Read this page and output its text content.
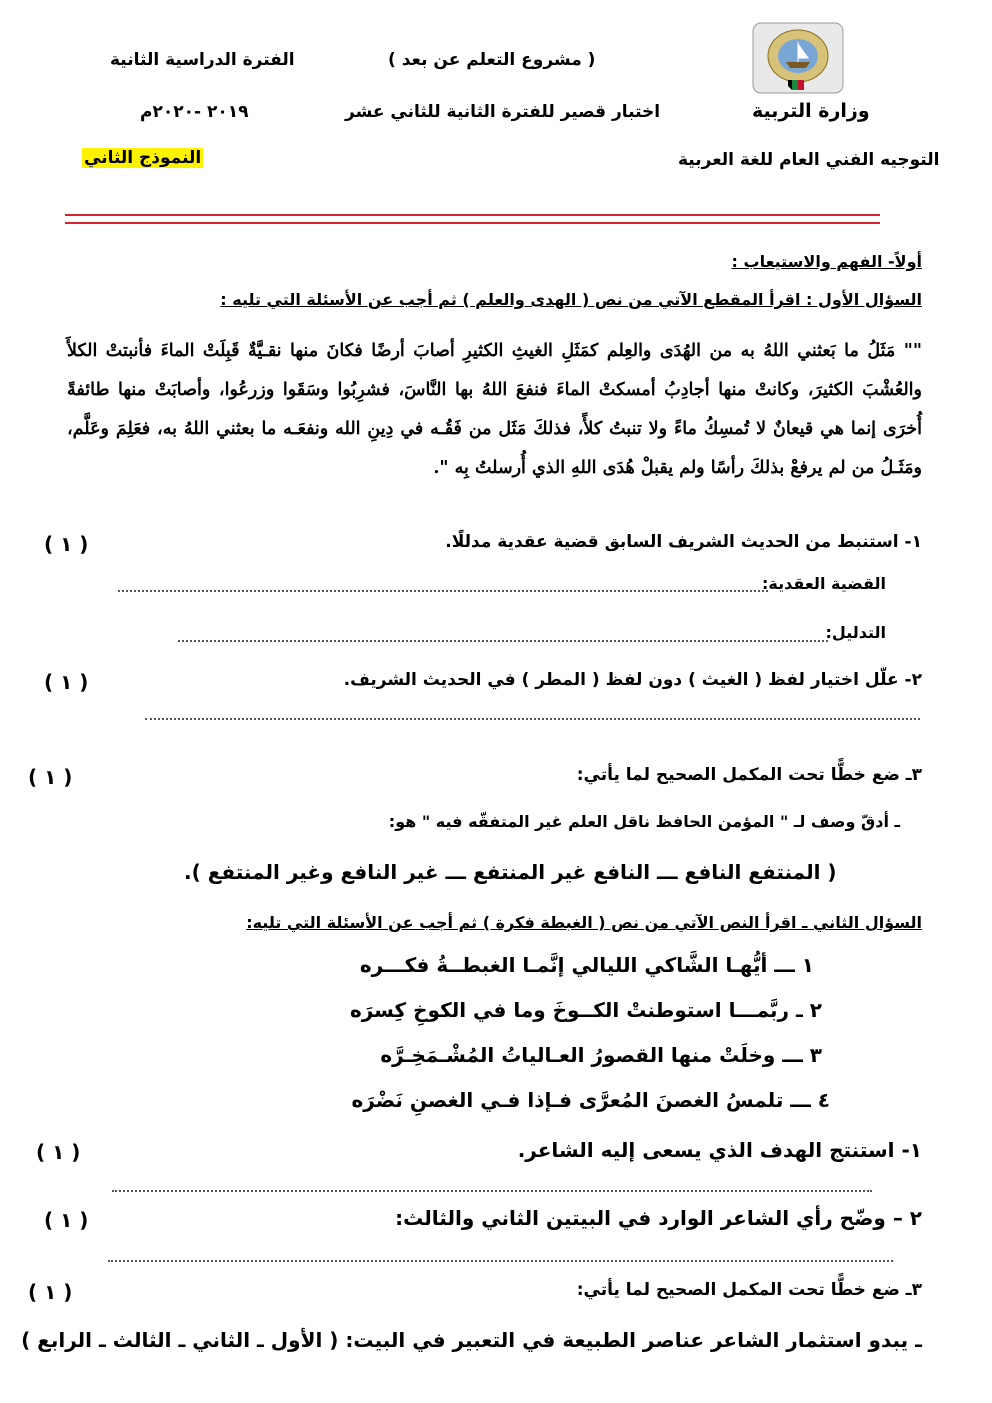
( مشروع التعلم عن بعد )
الفترة الدراسية الثانية
وزارة التربية
اختبار قصير للفترة الثانية للثاني عشر
٢٠١٩ -٢٠٢٠م
التوجيه الفني العام للغة العربية
النموذج الثاني
أولاً- الفهم والاستيعاب :
السؤال الأول : اقرأ المقطع الآتي من نص ( الهدى والعلم ) ثم أجب عن الأسئلة التي تليه :
"" مَثَلُ ما بَعثني اللهُ به من الهُدَى والعِلم كمَثَلِ الغيثِ الكثيرِ أصابَ أرضًا فكانَ منها نقـيَّةٌ قَبِلَتْ الماءَ فأنبتتْ الكلأَ والعُشْبَ الكثيرَ، وكانتْ منها أجادِبُ أمسكتْ الماءَ فنفعَ اللهُ بها النَّاسَ، فشرِبُوا وسَقَوا وزرعُوا، وأصابَتْ منها طائفةً أُخرَى إنما هي قيعانٌ لا تُمسِكُ ماءً ولا تنبتُ كلأً، فذلكَ مَثَل من فَقُـه في دِينِ الله ونفعَـه ما بعثني اللهُ به، فعَلِمَ وعَلَّم، ومَثَـلُ من لم يرفعْ بذلكَ رأسًا ولم يقبلْ هُدَى اللهِ الذي أُرسلتُ بِه ".
١- استنبط من الحديث الشريف السابق قضية عقدية مدللًا.
( ١ )
القضية العقدية:
التدليل:
٢- علّل اختيار لفظ ( الغيث ) دون لفظ ( المطر ) في الحديث الشريف.
( ١ )
٣ـ ضع خطًّا تحت المكمل الصحيح لما يأتي:
( ١ )
ـ أدقّ وصف لـ " المؤمن الحافظ ناقل العلم غير المتفقّه فيه " هو:
( المنتفع النافع ـــ النافع غير المنتفع ـــ غير النافع وغير المنتفع ).
السؤال الثاني ـ اقرأ النص الآتي من نص ( الغبطة فكرة ) ثم أجب عن الأسئلة التي تليه:
١ ـــ أيُّهـا الشَّاكي الليالي إنَّمـا الغبطــةُ فكـــره
٢ ـ ربَّمـــا استوطنتْ الكــوخَ وما في الكوخِ كِسرَه
٣ ـــ وخلَتْ منها القصورُ العـالياتُ المُشْـمَخِـرَّه
٤ ـــ تلمسُ الغصنَ المُعرَّى فـإذا فـي الغصنِ نَضْرَه
١- استنتج الهدف الذي يسعى إليه الشاعر.
( ١ )
٢ – وضّح رأي الشاعر الوارد في البيتين الثاني والثالث:
( ١ )
٣ـ ضع خطًّا تحت المكمل الصحيح لما يأتي:
( ١ )
ـ يبدو استثمار الشاعر عناصر الطبيعة في التعبير في البيت: ( الأول ـ الثاني ـ الثالث ـ الرابع )
